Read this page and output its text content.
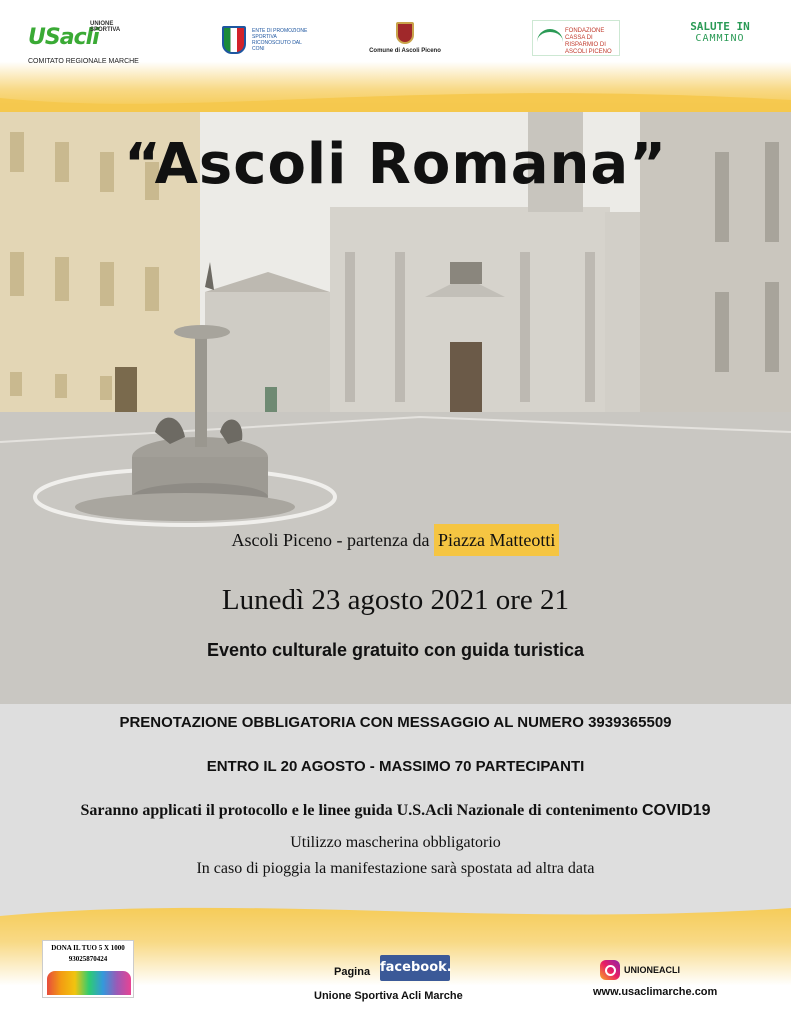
USacli
UNIONE SPORTIVA
COMITATO REGIONALE MARCHE
ENTE DI PROMOZIONE SPORTIVA RICONOSCIUTO DAL CONI	Comune di Ascoli Piceno
FONDAZIONE CASSA DI RISPARMIO DI ASCOLI PICENO
SALUTE IN
CAMMINO
“Ascoli Romana”
Ascoli Piceno - partenza da Piazza Matteotti
Lunedì 23 agosto 2021 ore 21
Evento culturale gratuito con guida turistica
PRENOTAZIONE OBBLIGATORIA CON MESSAGGIO AL NUMERO 3939365509
ENTRO IL 20 AGOSTO - MASSIMO 70 PARTECIPANTI
Saranno applicati il protocollo e le linee guida U.S.Acli Nazionale di contenimento COVID19
Utilizzo mascherina obbligatorio
In caso di pioggia la manifestazione sarà spostata ad altra data
DONA IL TUO 5 X 1000
93025870424
Pagina facebook.
Unione Sportiva Acli Marche
UNIONEACLI
www.usaclimarche.com
